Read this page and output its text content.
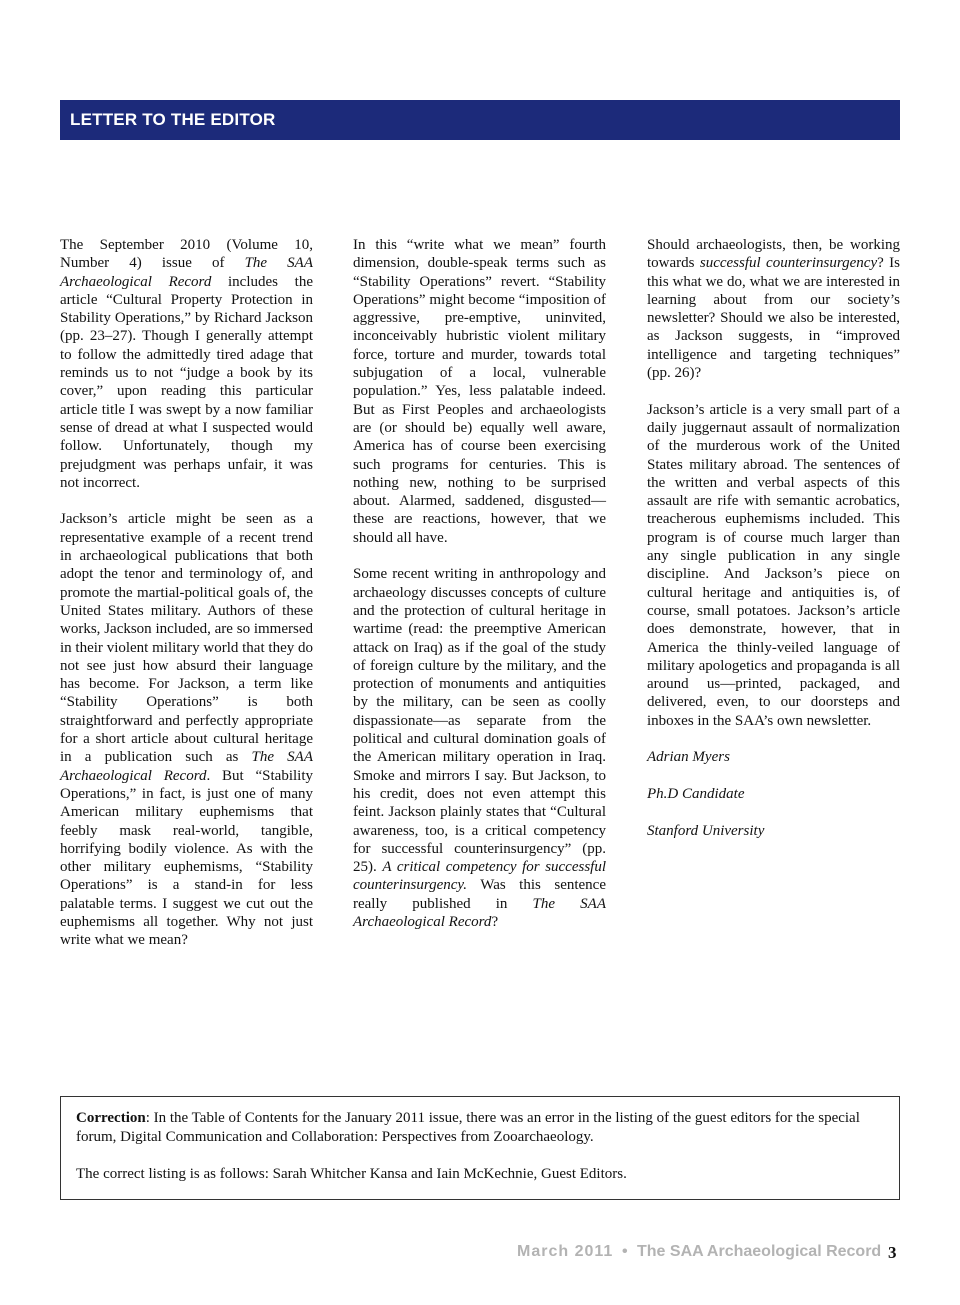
LETTER TO THE EDITOR

The September 2010 (Volume 10, Number 4) issue of The SAA Archaeological Record includes the article “Cultural Property Protection in Stability Operations,” by Richard Jackson (pp. 23–27). Though I generally attempt to follow the admittedly tired adage that reminds us to not “judge a book by its cover,” upon reading this particular article title I was swept by a now familiar sense of dread at what I suspected would follow. Unfortunately, though my prejudgment was perhaps unfair, it was not incorrect.

Jackson’s article might be seen as a representative example of a recent trend in archaeological publications that both adopt the tenor and terminology of, and promote the martial-political goals of, the United States military. Authors of these works, Jackson included, are so immersed in their violent military world that they do not see just how absurd their language has become. For Jackson, a term like “Stability Operations” is both straightforward and perfectly appropriate for a short article about cultural heritage in a publication such as The SAA Archaeological Record. But “Stability Operations,” in fact, is just one of many American military euphemisms that feebly mask real-world, tangible, horrifying bodily violence. As with the other military euphemisms, “Stability Operations” is a stand-in for less palatable terms. I suggest we cut out the euphemisms all together. Why not just write what we mean?

In this “write what we mean” fourth dimension, double-speak terms such as “Stability Operations” revert. “Stability Operations” might become “imposition of aggressive, pre-emptive, uninvited, inconceivably hubristic violent military force, torture and murder, towards total subjugation of a local, vulnerable population.” Yes, less palatable indeed. But as First Peoples and archaeologists are (or should be) equally well aware, America has of course been exercising such programs for centuries. This is nothing new, nothing to be surprised about. Alarmed, saddened, disgusted—these are reactions, however, that we should all have.

Some recent writing in anthropology and archaeology discusses concepts of culture and the protection of cultural heritage in wartime (read: the preemptive American attack on Iraq) as if the goal of the study of foreign culture by the military, and the protection of monuments and antiquities by the military, can be seen as coolly dispassionate—as separate from the political and cultural domination goals of the American military operation in Iraq. Smoke and mirrors I say. But Jackson, to his credit, does not even attempt this feint. Jackson plainly states that “Cultural awareness, too, is a critical competency for successful counterinsurgency” (pp. 25). A critical competency for successful counterinsurgency. Was this sentence really published in The SAA Archaeological Record?

Should archaeologists, then, be working towards successful counterinsurgency? Is this what we do, what we are interested in learning about from our society’s newsletter? Should we also be interested, as Jackson suggests, in “improved intelligence and targeting techniques” (pp. 26)?

Jackson’s article is a very small part of a daily juggernaut assault of normalization of the murderous work of the United States military abroad. The sentences of the written and verbal aspects of this assault are rife with semantic acrobatics, treacherous euphemisms included. This program is of course much larger than any single publication in any single discipline. And Jackson’s piece on cultural heritage and antiquities is, of course, small potatoes. Jackson’s article does demonstrate, however, that in America the thinly-veiled language of military apologetics and propaganda is all around us—printed, packaged, and delivered, even, to our doorsteps and inboxes in the SAA’s own newsletter.

Adrian Myers

Ph.D Candidate

Stanford University

Correction: In the Table of Contents for the January 2011 issue, there was an error in the listing of the guest editors for the special forum, Digital Communication and Collaboration: Perspectives from Zooarchaeology.

The correct listing is as follows: Sarah Whitcher Kansa and Iain McKechnie, Guest Editors.

March 2011 • The SAA Archaeological Record 3
